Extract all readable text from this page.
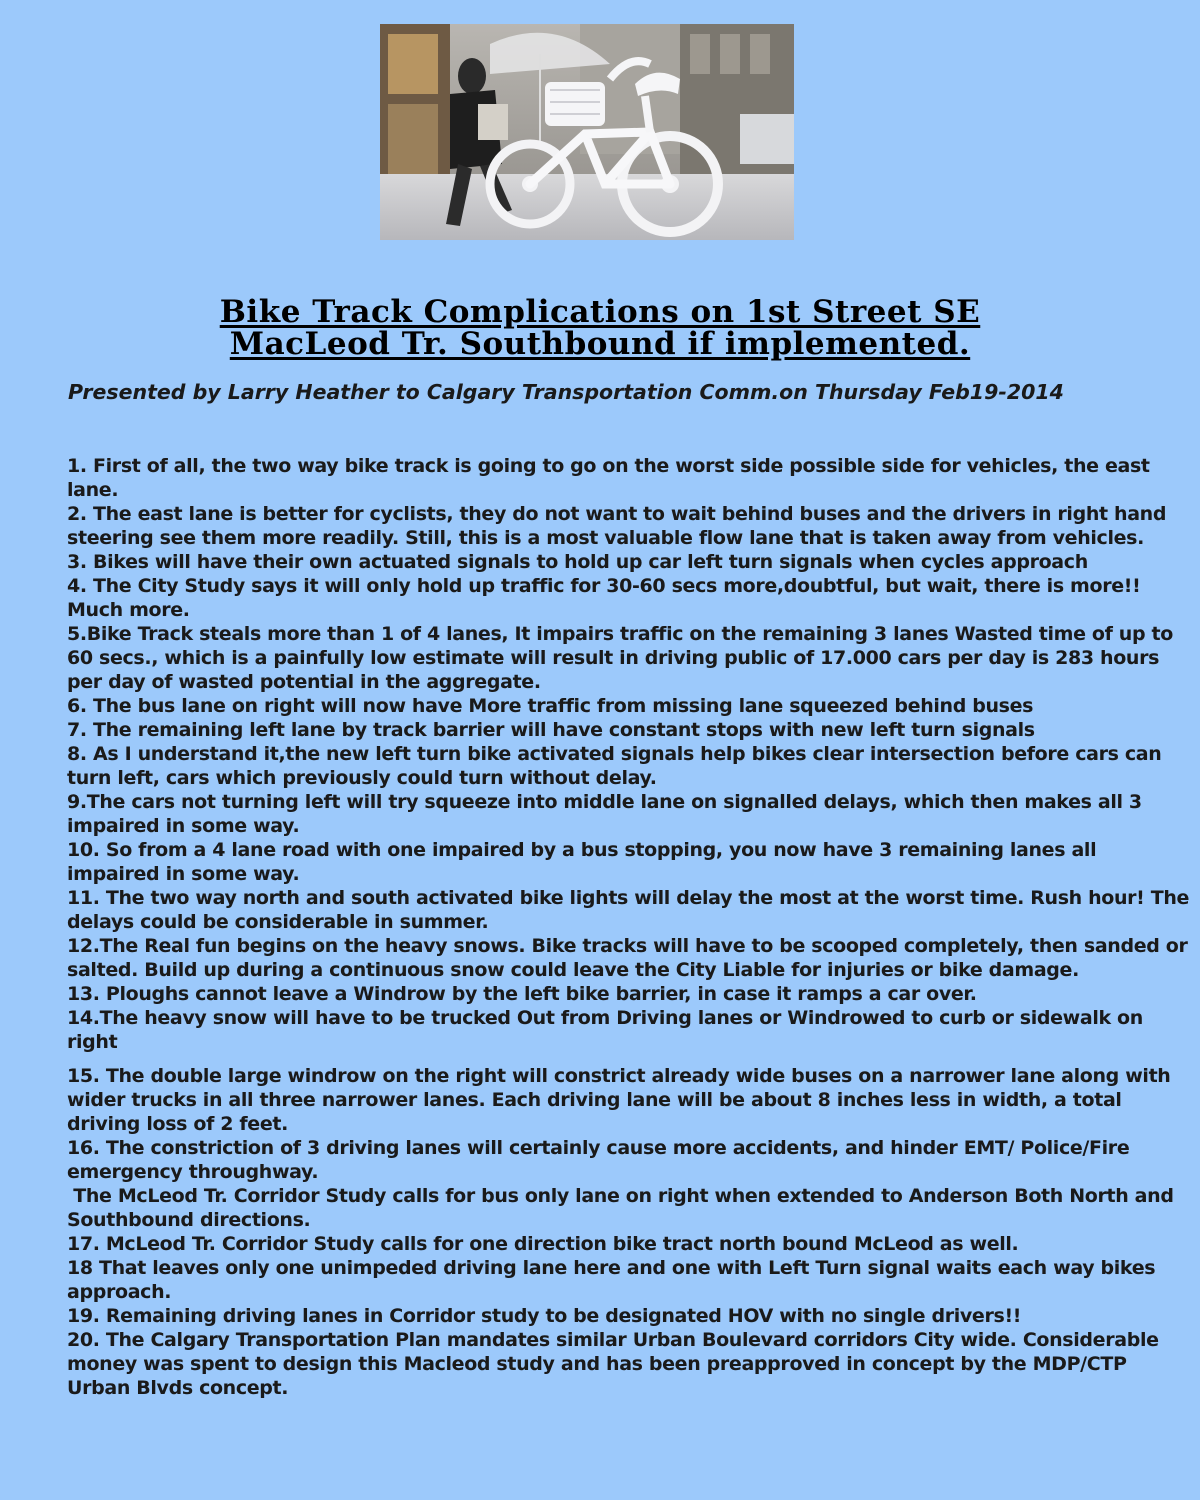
Bike Track Complications on 1st Street SE
MacLeod Tr. Southbound if implemented.
Presented by Larry Heather to Calgary Transportation Comm.on Thursday Feb19-2014

1. First of all, the two way bike track is going to go on the worst side possible side for vehicles, the east lane.

2. The east lane is better for cyclists, they do not want to wait behind buses and the drivers in right hand steering see them more readily. Still, this is a most valuable flow lane that is taken away from vehicles.

3. Bikes will have their own actuated signals to hold up car left turn signals when cycles approach

4. The City Study says it will only hold up traffic for 30-60 secs more,doubtful, but wait, there is more!! Much more.

5.Bike Track steals more than 1 of 4 lanes, It impairs traffic on the remaining 3 lanes Wasted time of up to 60 secs., which is a painfully low estimate will result in driving public of 17.000 cars per day is 283 hours per day of wasted potential in the aggregate.

6. The bus lane on right will now have More traffic from missing lane squeezed behind buses

7. The remaining left lane by track barrier will have constant stops with new left turn signals

8. As I understand it,the new left turn bike activated signals help bikes clear intersection before cars can turn left, cars which previously could turn without delay.

9.The cars not turning left will try squeeze into middle lane on signalled delays, which then makes all 3 impaired in some way.

10. So from a 4 lane road with one impaired by a bus stopping, you now have 3 remaining lanes all impaired in some way.

11. The two way north and south activated bike lights will delay the most at the worst time. Rush hour! The delays could be considerable in summer.

12.The Real fun begins on the heavy snows. Bike tracks will have to be scooped completely, then sanded or salted. Build up during a continuous snow could leave the City Liable for injuries or bike damage.

13. Ploughs cannot leave a Windrow by the left bike barrier, in case it ramps a car over.

14.The heavy snow will have to be trucked Out from Driving lanes or Windrowed to curb or sidewalk on right

15. The double large windrow on the right will constrict already wide buses on a narrower lane along with wider trucks in all three narrower lanes. Each driving lane will be about 8 inches less in width, a total driving loss of 2 feet.

16. The constriction of 3 driving lanes will certainly cause more accidents, and hinder EMT/ Police/Fire emergency throughway.

The McLeod Tr. Corridor Study calls for bus only lane on right when extended to Anderson Both North and Southbound directions.

17. McLeod Tr. Corridor Study calls for one direction bike tract north bound McLeod as well.

18 That leaves only one unimpeded driving lane here and one with Left Turn signal waits each way bikes approach.

19. Remaining driving lanes in Corridor study to be designated HOV with no single drivers!!

20. The Calgary Transportation Plan mandates similar Urban Boulevard corridors City wide. Considerable money was spent to design this Macleod study and has been preapproved in concept by the MDP/CTP Urban Blvds concept.
